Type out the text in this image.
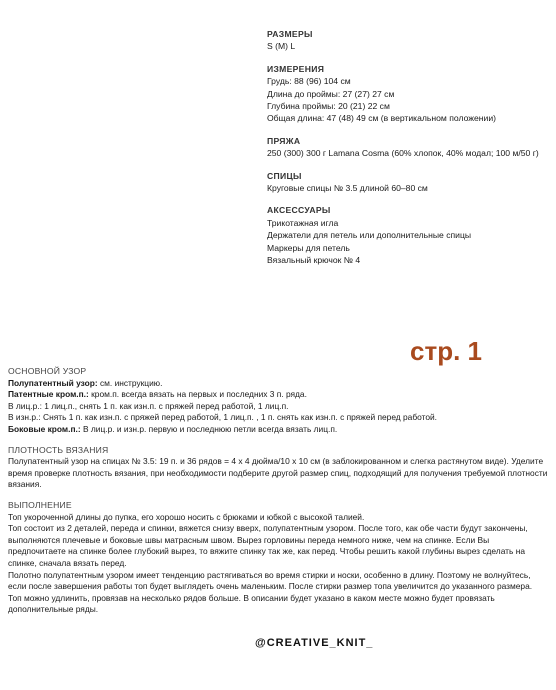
РАЗМЕРЫ
S (M) L
ИЗМЕРЕНИЯ
Грудь: 88 (96) 104 см
Длина до проймы: 27 (27) 27 см
Глубина проймы: 20 (21) 22 см
Общая длина: 47 (48) 49 см (в вертикальном положении)
ПРЯЖА
250 (300) 300 г Lamana Cosma (60% хлопок, 40% модал; 100 м/50 г)
СПИЦЫ
Круговые спицы № 3.5 длиной 60–80 см
АКСЕССУАРЫ
Трикотажная игла
Держатели для петель или дополнительные спицы
Маркеры для петель
Вязальный крючок № 4
стр. 1
ОСНОВНОЙ УЗОР

Полупатентный узор: см. инструкцию.

Патентные кром.п.: кром.п. всегда вязать на первых и последних 3 п. ряда.

В лиц.р.: 1 лиц.п., снять 1 п. как изн.п. с пряжей перед работой, 1 лиц.п.

В изн.р.: Снять 1 п. как изн.п. с пряжей перед работой, 1 лиц.п. , 1 п. снять как изн.п. с пряжей перед работой.

Боковые кром.п.: В лиц.р. и изн.р. первую и последнюю петли всегда вязать лиц.п.

ПЛОТНОСТЬ ВЯЗАНИЯ

Полупатентный узор на спицах № 3.5: 19 п. и 36 рядов = 4 х 4 дюйма/10 х 10 см (в заблокированном и слегка растянутом виде). Уделите время проверке плотность вязания, при необходимости подберите другой размер спиц, подходящий для получения требуемой плотности вязания.

ВЫПОЛНЕНИЕ

Топ укороченной длины до пупка, его хорошо носить с брюками и юбкой с высокой талией.

Топ состоит из 2 деталей, переда и спинки, вяжется снизу вверх, полупатентным узором. После того, как обе части будут закончены, выполняются плечевые и боковые швы матрасным швом. Вырез горловины переда немного ниже, чем на спинке. Если Вы предпочитаете на спинке более глубокий вырез, то вяжите спинку так же, как перед. Чтобы решить какой глубины вырез сделать на спинке, сначала вязать перед.

Полотно полупатентным узором имеет тенденцию растягиваться во время стирки и носки, особенно в длину. Поэтому не волнуйтесь, если после завершения работы топ будет выглядеть очень маленьким. После стирки размер топа увеличится до указанного размера.

Топ можно удлинить, провязав на несколько рядов больше. В описании будет указано в каком месте можно будет провязать дополнительные ряды.

@CREATIVE_KNIT_
